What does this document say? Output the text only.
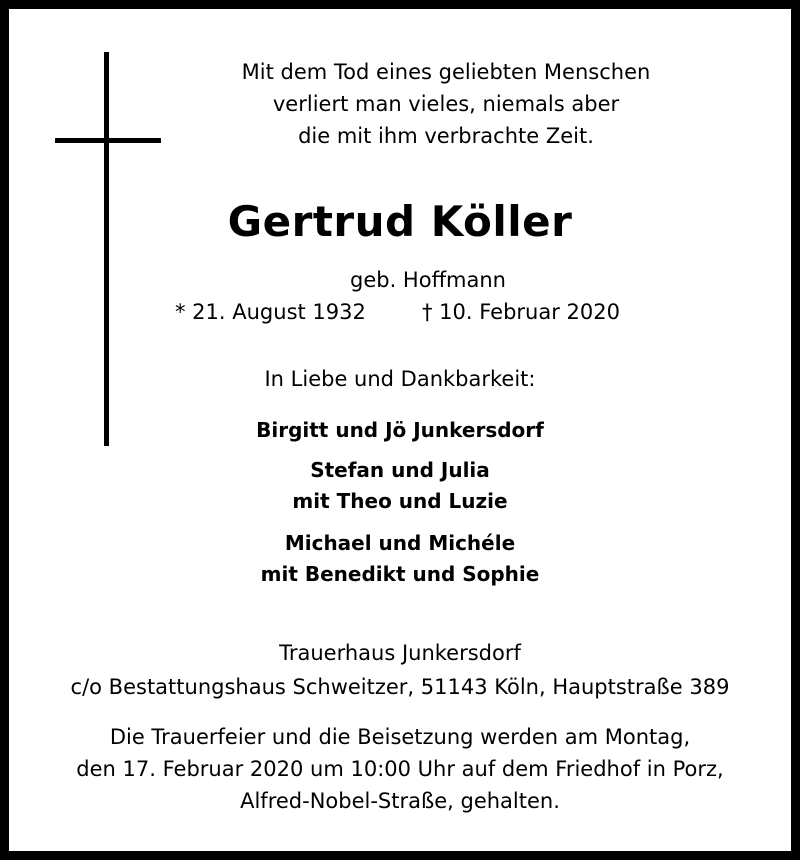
Mit dem Tod eines geliebten Menschen
verliert man vieles, niemals aber
die mit ihm verbrachte Zeit.
Gertrud Köller
geb. Hoffmann
* 21. August 1932	† 10. Februar 2020
In Liebe und Dankbarkeit:
Birgitt und Jö Junkersdorf
Stefan und Julia
mit Theo und Luzie
Michael und Michéle
mit Benedikt und Sophie
Trauerhaus Junkersdorf
c/o Bestattungshaus Schweitzer, 51143 Köln, Hauptstraße 389
Die Trauerfeier und die Beisetzung werden am Montag,
den 17. Februar 2020 um 10:00 Uhr auf dem Friedhof in Porz,
Alfred-Nobel-Straße, gehalten.
